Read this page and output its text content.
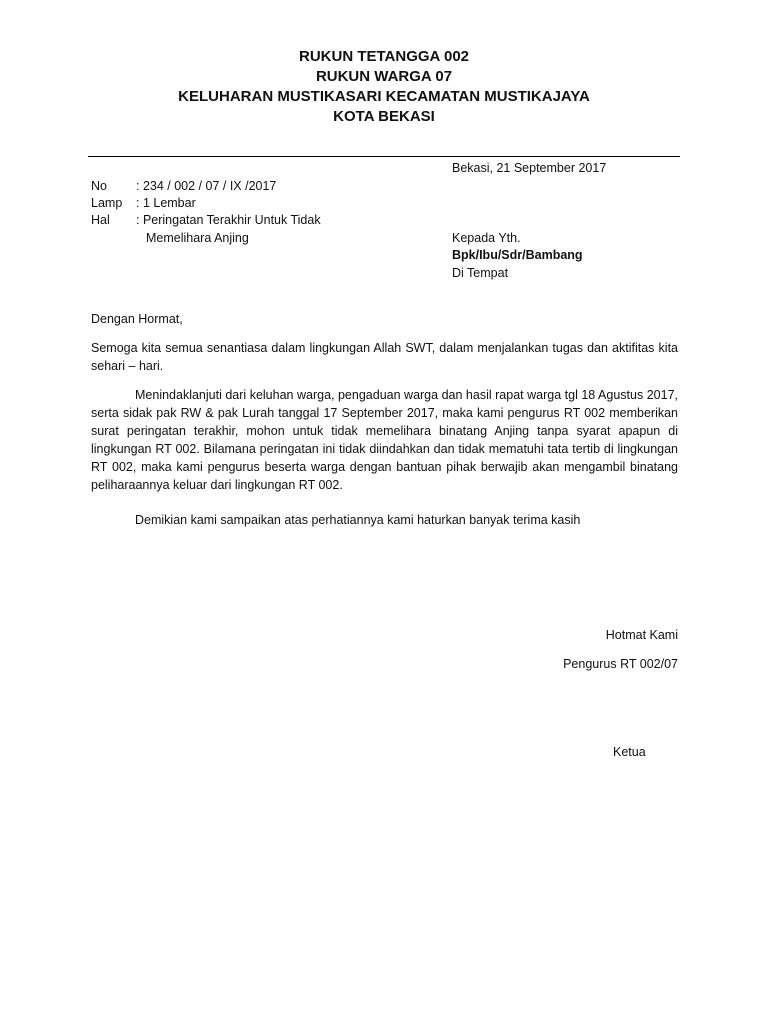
RUKUN TETANGGA 002
RUKUN WARGA 07
KELUHARAN MUSTIKASARI KECAMATAN MUSTIKAJAYA
KOTA BEKASI
Bekasi, 21 September 2017
No : 234 / 002 / 07 / IX /2017
Lamp : 1 Lembar
Hal : Peringatan Terakhir Untuk Tidak
Memelihara Anjing	Kepada Yth.
Bpk/Ibu/Sdr/Bambang
Di Tempat
Dengan Hormat,
Semoga kita semua senantiasa dalam lingkungan Allah SWT, dalam menjalankan tugas dan aktifitas kita sehari – hari.
Menindaklanjuti dari keluhan warga, pengaduan warga dan hasil rapat warga tgl 18 Agustus 2017, serta sidak pak RW & pak Lurah tanggal 17 September 2017, maka kami pengurus RT 002 memberikan surat peringatan terakhir, mohon untuk tidak memelihara binatang Anjing tanpa syarat apapun di lingkungan RT 002. Bilamana peringatan ini tidak diindahkan dan tidak mematuhi tata tertib di lingkungan RT 002, maka kami pengurus beserta warga dengan bantuan pihak berwajib akan mengambil binatang peliharaannya keluar dari lingkungan RT 002.
Demikian kami sampaikan atas perhatiannya kami haturkan banyak terima kasih
Hotmat Kami
Pengurus RT 002/07
Ketua
